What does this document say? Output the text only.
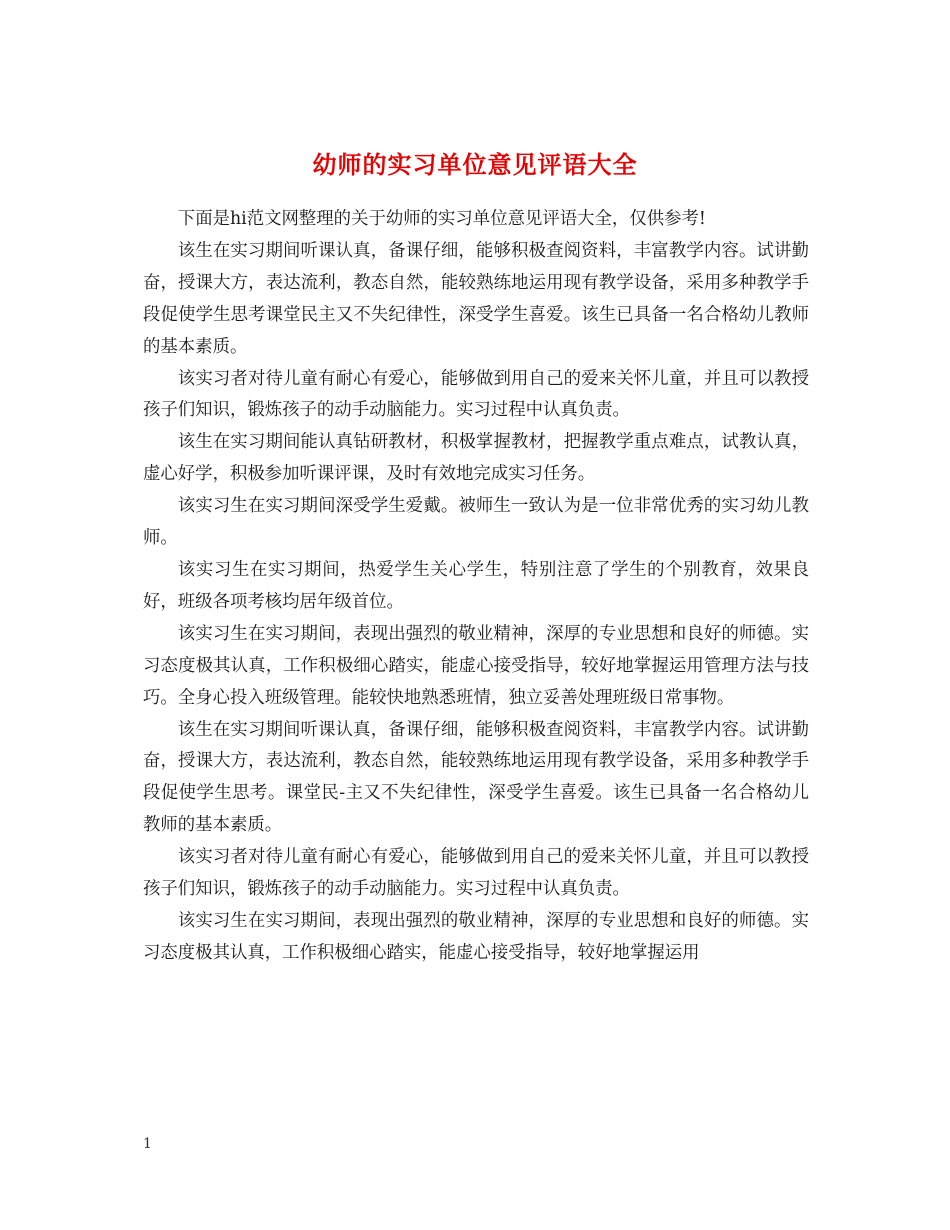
幼师的实习单位意见评语大全

下面是hi范文网整理的关于幼师的实习单位意见评语大全，仅供参考!

该生在实习期间听课认真，备课仔细，能够积极查阅资料，丰富教学内容。试讲勤奋，授课大方，表达流利，教态自然，能较熟练地运用现有教学设备，采用多种教学手段促使学生思考课堂民主又不失纪律性，深受学生喜爱。该生已具备一名合格幼儿教师的基本素质。

该实习者对待儿童有耐心有爱心，能够做到用自己的爱来关怀儿童，并且可以教授孩子们知识，锻炼孩子的动手动脑能力。实习过程中认真负责。

该生在实习期间能认真钻研教材，积极掌握教材，把握教学重点难点，试教认真，虚心好学，积极参加听课评课，及时有效地完成实习任务。

该实习生在实习期间深受学生爱戴。被师生一致认为是一位非常优秀的实习幼儿教师。

该实习生在实习期间，热爱学生关心学生，特别注意了学生的个别教育，效果良好，班级各项考核均居年级首位。

该实习生在实习期间，表现出强烈的敬业精神，深厚的专业思想和良好的师德。实习态度极其认真，工作积极细心踏实，能虚心接受指导，较好地掌握运用管理方法与技巧。全身心投入班级管理。能较快地熟悉班情，独立妥善处理班级日常事物。

该生在实习期间听课认真，备课仔细，能够积极查阅资料，丰富教学内容。试讲勤奋，授课大方，表达流利，教态自然，能较熟练地运用现有教学设备，采用多种教学手段促使学生思考。课堂民-主又不失纪律性，深受学生喜爱。该生已具备一名合格幼儿教师的基本素质。

该实习者对待儿童有耐心有爱心，能够做到用自己的爱来关怀儿童，并且可以教授孩子们知识，锻炼孩子的动手动脑能力。实习过程中认真负责。

该实习生在实习期间，表现出强烈的敬业精神，深厚的专业思想和良好的师德。实习态度极其认真，工作积极细心踏实，能虚心接受指导，较好地掌握运用

1
